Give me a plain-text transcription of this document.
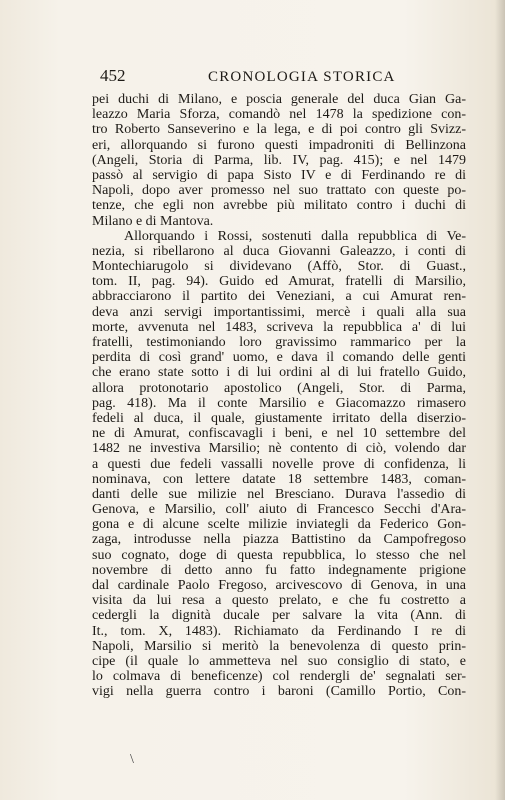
452	CRONOLOGIA STORICA
pei duchi di Milano, e poscia generale del duca Gian Ga-
leazzo Maria Sforza, comandò nel 1478 la spedizione con-
tro Roberto Sanseverino e la lega, e di poi contro gli Svizz-
eri, allorquando si furono questi impadroniti di Bellinzona
(Angeli, Storia di Parma, lib. IV, pag. 415); e nel 1479
passò al servigio di papa Sisto IV e di Ferdinando re di
Napoli, dopo aver promesso nel suo trattato con queste po-
tenze, che egli non avrebbe più militato contro i duchi di
Milano e di Mantova.
Allorquando i Rossi, sostenuti dalla repubblica di Ve-
nezia, si ribellarono al duca Giovanni Galeazzo, i conti di
Montechiarugolo si dividevano (Affò, Stor. di Guast.,
tom. II, pag. 94). Guido ed Amurat, fratelli di Marsilio,
abbracciarono il partito dei Veneziani, a cui Amurat ren-
deva anzi servigi importantissimi, mercè i quali alla sua
morte, avvenuta nel 1483, scriveva la repubblica a' di lui
fratelli, testimoniando loro gravissimo rammarico per la
perdita di così grand' uomo, e dava il comando delle genti
che erano state sotto i di lui ordini al di lui fratello Guido,
allora protonotario apostolico (Angeli, Stor. di Parma,
pag. 418). Ma il conte Marsilio e Giacomazzo rimasero
fedeli al duca, il quale, giustamente irritato della diserzio-
ne di Amurat, confiscavagli i beni, e nel 10 settembre del
1482 ne investiva Marsilio; nè contento di ciò, volendo dar
a questi due fedeli vassalli novelle prove di confidenza, li
nominava, con lettere datate 18 settembre 1483, coman-
danti delle sue milizie nel Bresciano. Durava l'assedio di
Genova, e Marsilio, coll' aiuto di Francesco Secchi d'Ara-
gona e di alcune scelte milizie inviategli da Federico Gon-
zaga, introdusse nella piazza Battistino da Campofregoso
suo cognato, doge di questa repubblica, lo stesso che nel
novembre di detto anno fu fatto indegnamente prigione
dal cardinale Paolo Fregoso, arcivescovo di Genova, in una
visita da lui resa a questo prelato, e che fu costretto a
cedergli la dignità ducale per salvare la vita (Ann. di
It., tom. X, 1483). Richiamato da Ferdinando I re di
Napoli, Marsilio si meritò la benevolenza di questo prin-
cipe (il quale lo ammetteva nel suo consiglio di stato, e
lo colmava di beneficenze) col rendergli de' segnalati ser-
vigi nella guerra contro i baroni (Camillo Portio, Con-
\
